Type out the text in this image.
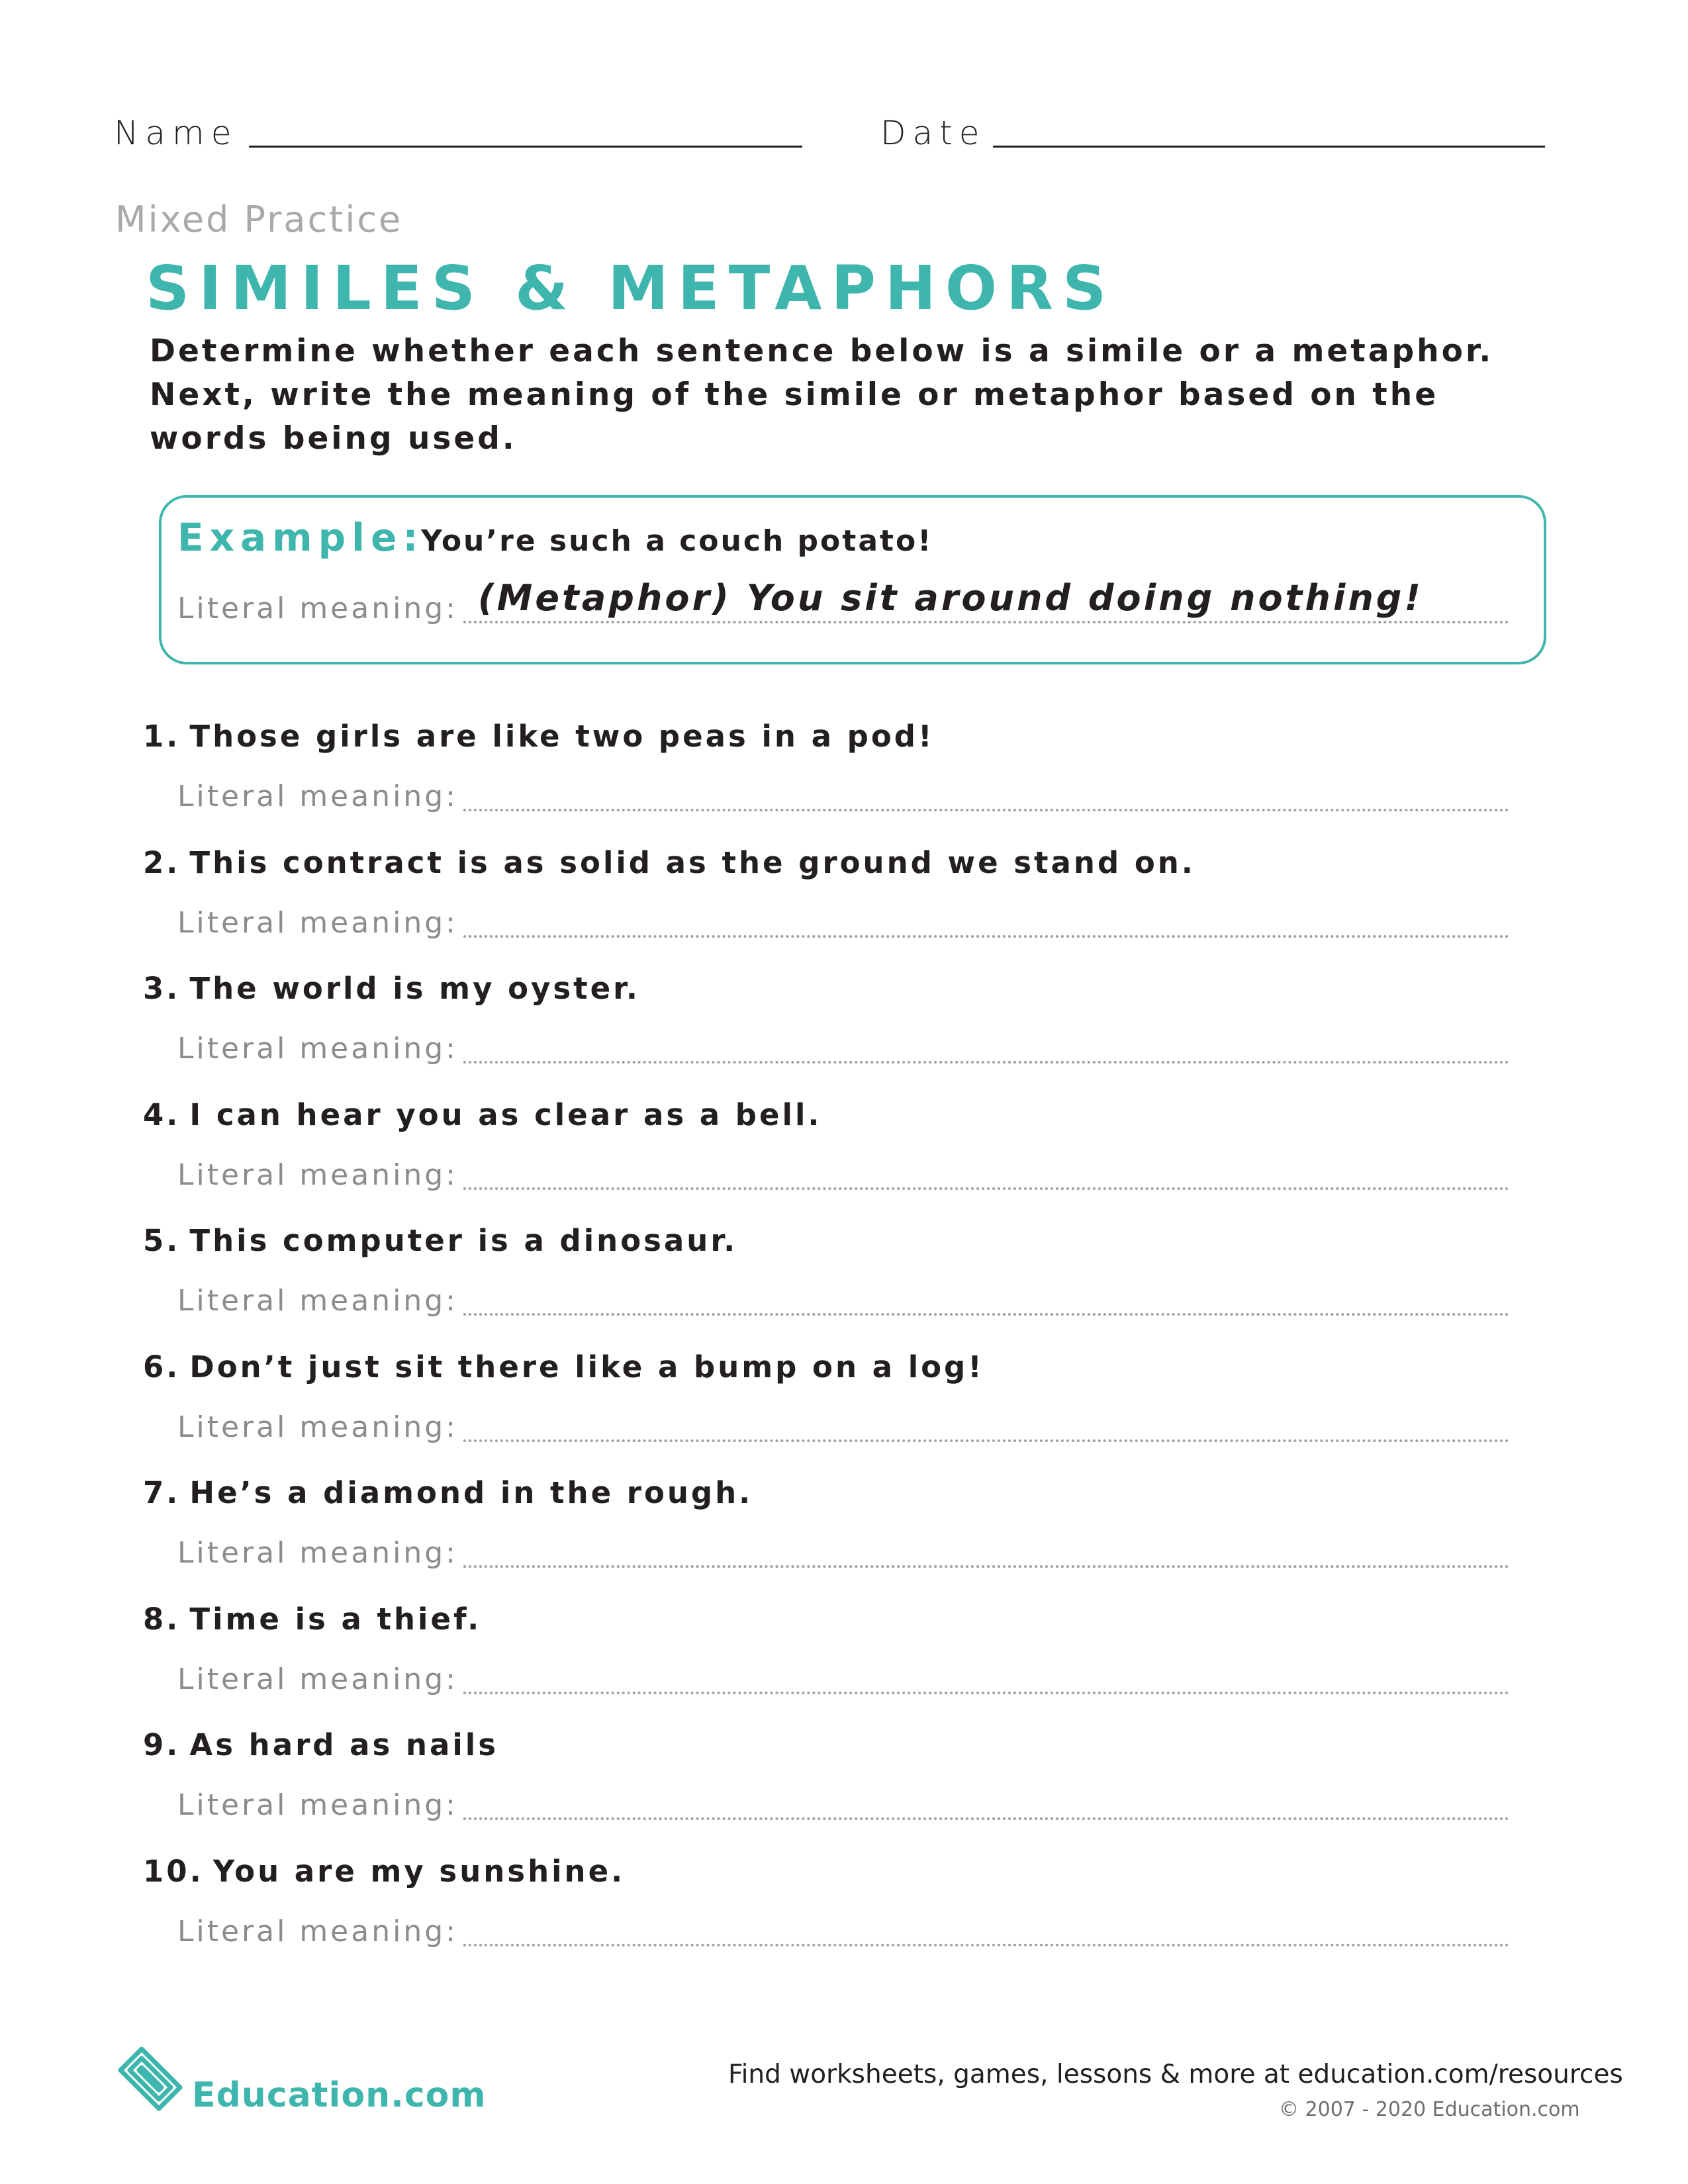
Name	Date
Mixed Practice
SIMILES & METAPHORS
Determine whether each sentence below is a simile or a metaphor.
Next, write the meaning of the simile or metaphor based on the
words being used.
Example:
You’re such a couch potato!
Literal meaning: (Metaphor) You sit around doing nothing!
1. Those girls are like two peas in a pod!
Literal meaning:
2. This contract is as solid as the ground we stand on.
Literal meaning:
3. The world is my oyster.
Literal meaning:
4. I can hear you as clear as a bell.
Literal meaning:
5. This computer is a dinosaur.
Literal meaning:
6. Don’t just sit there like a bump on a log!
Literal meaning:
7. He’s a diamond in the rough.
Literal meaning:
8. Time is a thief.
Literal meaning:
9. As hard as nails
Literal meaning:
10. You are my sunshine.
Literal meaning:
Education.com
Find worksheets, games, lessons & more at education.com/resources
© 2007 - 2020 Education.com
